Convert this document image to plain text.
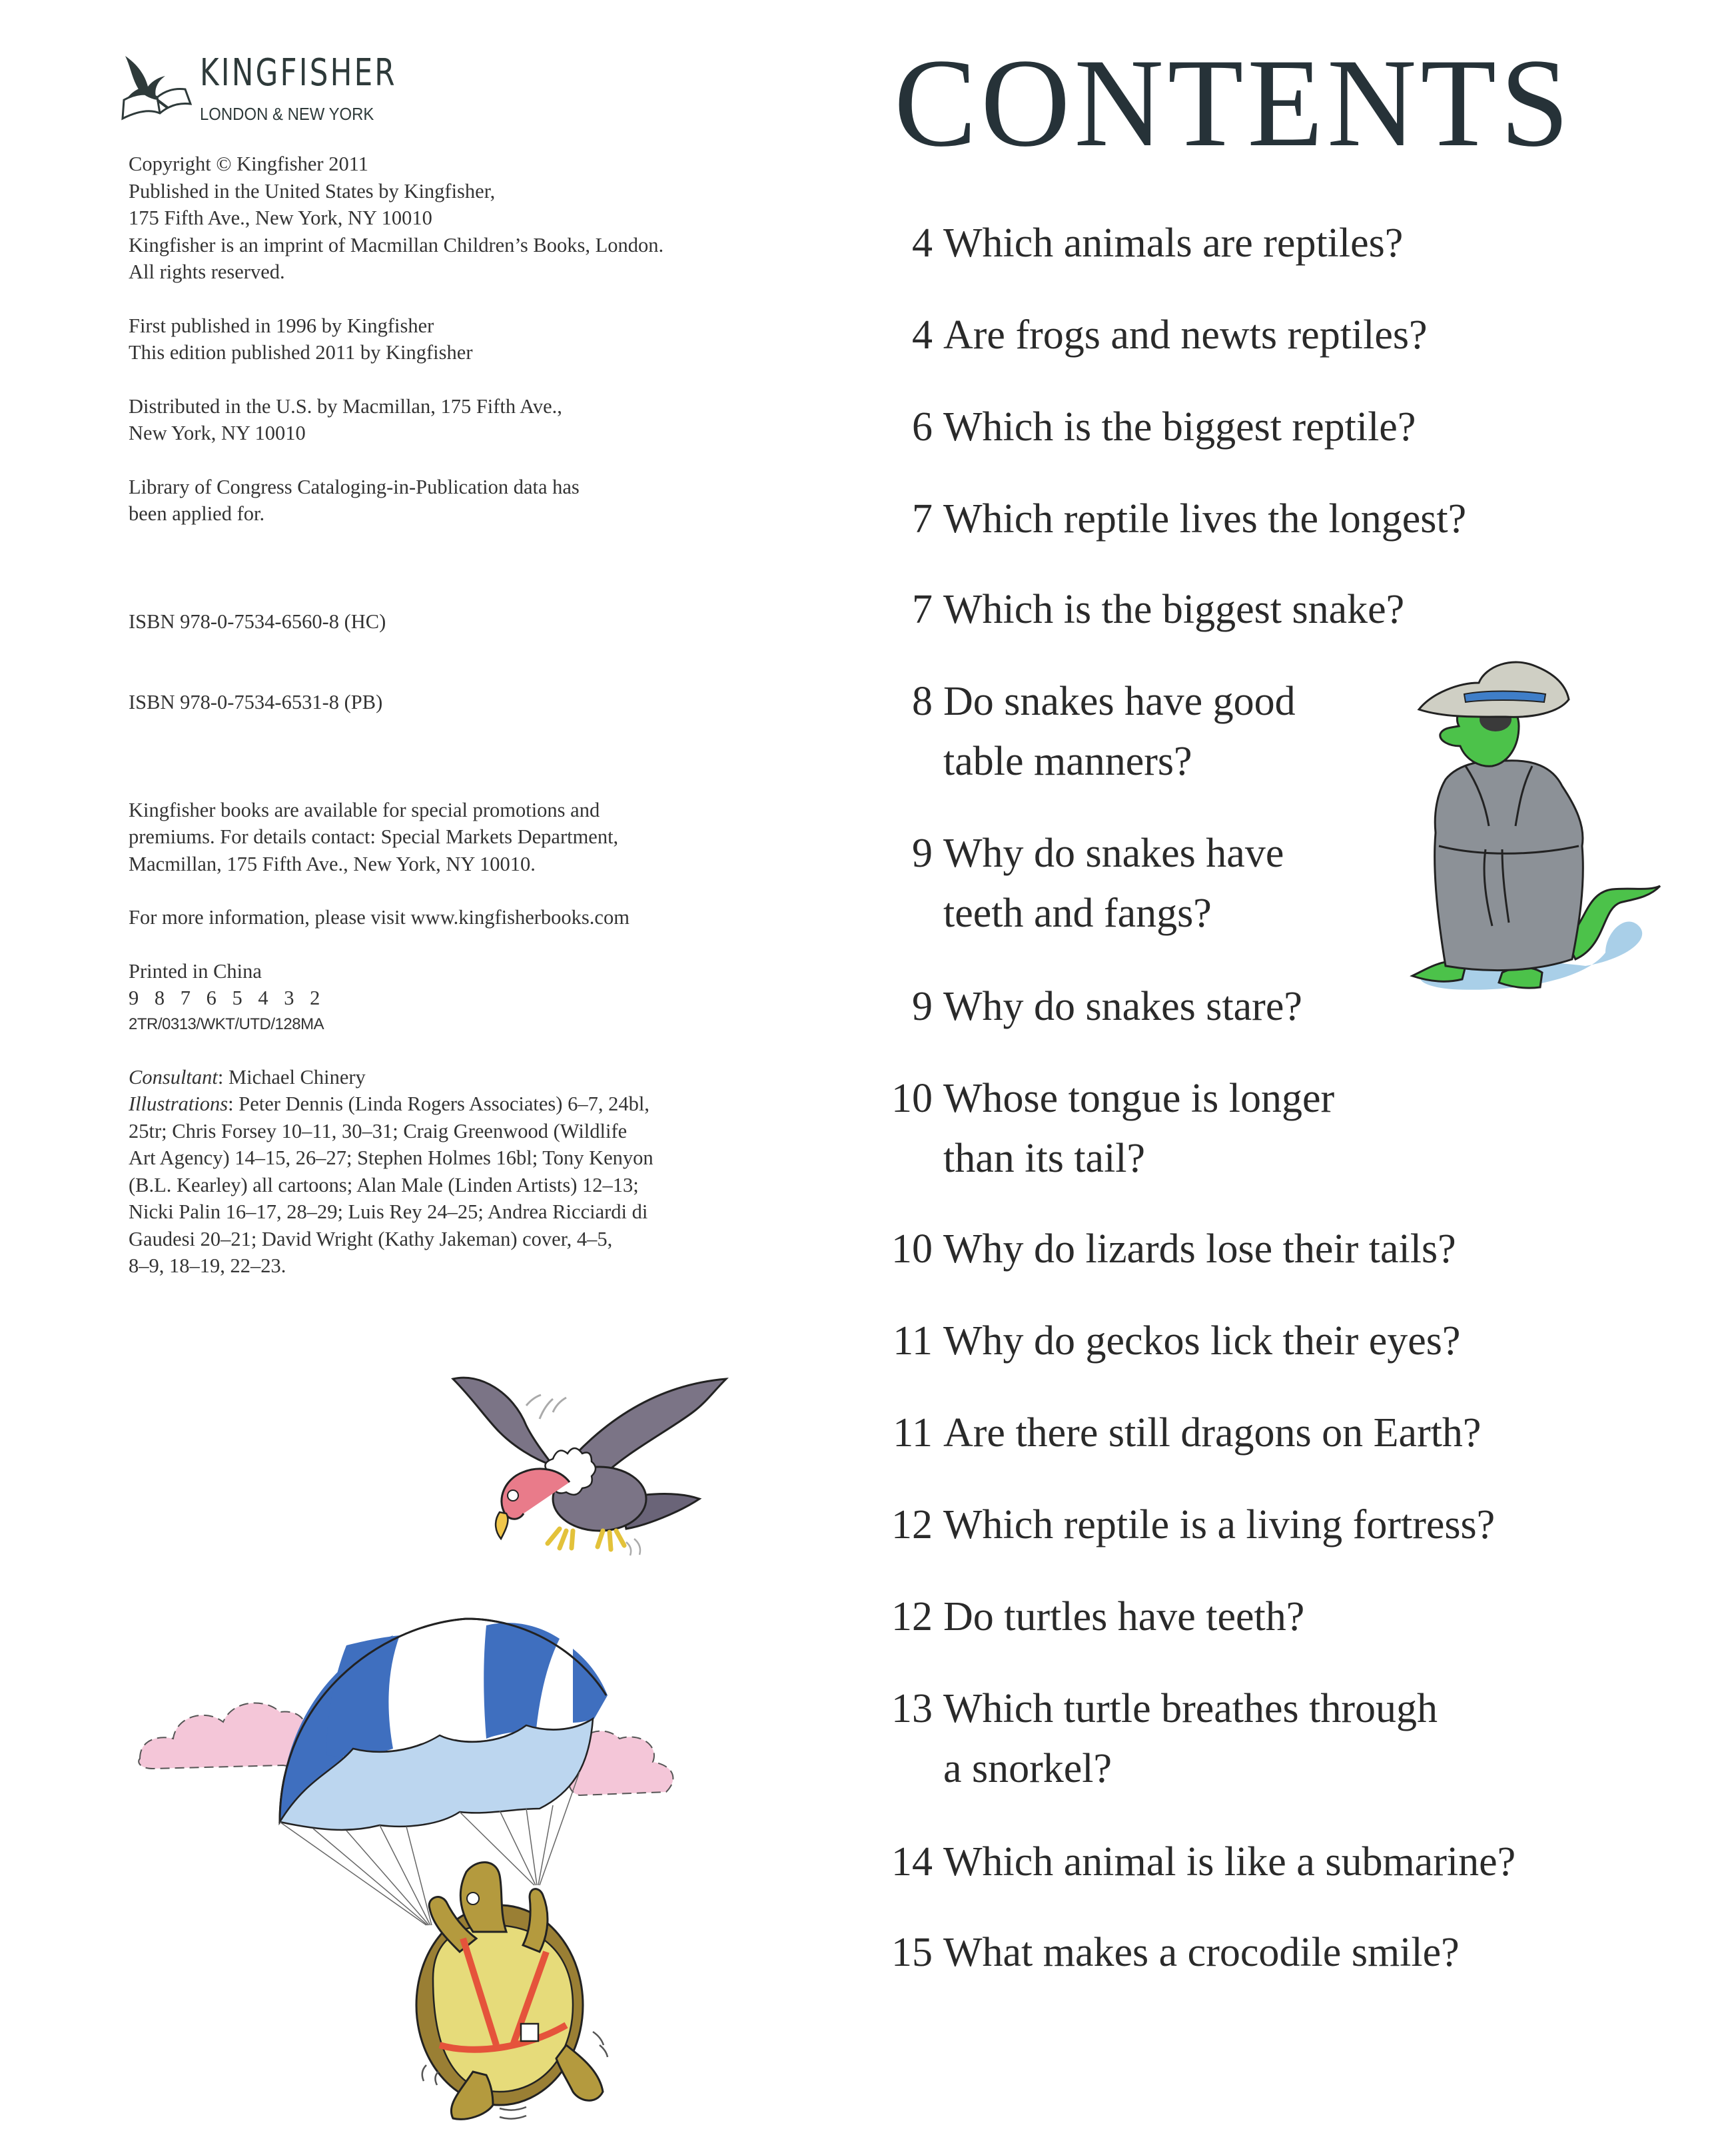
KINGFISHER
LONDON & NEW YORK

Copyright © Kingfisher 2011
Published in the United States by Kingfisher,
175 Fifth Ave., New York, NY 10010
Kingfisher is an imprint of Macmillan Children’s Books, London.
All rights reserved.

First published in 1996 by Kingfisher
This edition published 2011 by Kingfisher

Distributed in the U.S. by Macmillan, 175 Fifth Ave.,
New York, NY 10010

Library of Congress Cataloging-in-Publication data has
been applied for.

ISBN 978-0-7534-6560-8 (HC)

ISBN 978-0-7534-6531-8 (PB)

Kingfisher books are available for special promotions and
premiums. For details contact: Special Markets Department,
Macmillan, 175 Fifth Ave., New York, NY 10010.

For more information, please visit www.kingfisherbooks.com

Printed in China
9 8 7 6 5 4 3 2
2TR/0313/WKT/UTD/128MA

Consultant: Michael Chinery
Illustrations: Peter Dennis (Linda Rogers Associates) 6–7, 24bl,
25tr; Chris Forsey 10–11, 30–31; Craig Greenwood (Wildlife
Art Agency) 14–15, 26–27; Stephen Holmes 16bl; Tony Kenyon
(B.L. Kearley) all cartoons; Alan Male (Linden Artists) 12–13;
Nicki Palin 16–17, 28–29; Luis Rey 24–25; Andrea Ricciardi di
Gaudesi 20–21; David Wright (Kathy Jakeman) cover, 4–5,
8–9, 18–19, 22–23.

CONTENTS
4 Which animals are reptiles?
4 Are frogs and newts reptiles?
6 Which is the biggest reptile?
7 Which reptile lives the longest?
7 Which is the biggest snake?
8 Do snakes have good
table manners?
9 Why do snakes have
teeth and fangs?
9 Why do snakes stare?
10 Whose tongue is longer
than its tail?
10 Why do lizards lose their tails?
11 Why do geckos lick their eyes?
11 Are there still dragons on Earth?
12 Which reptile is a living fortress?
12 Do turtles have teeth?
13 Which turtle breathes through
a snorkel?
14 Which animal is like a submarine?
15 What makes a crocodile smile?
